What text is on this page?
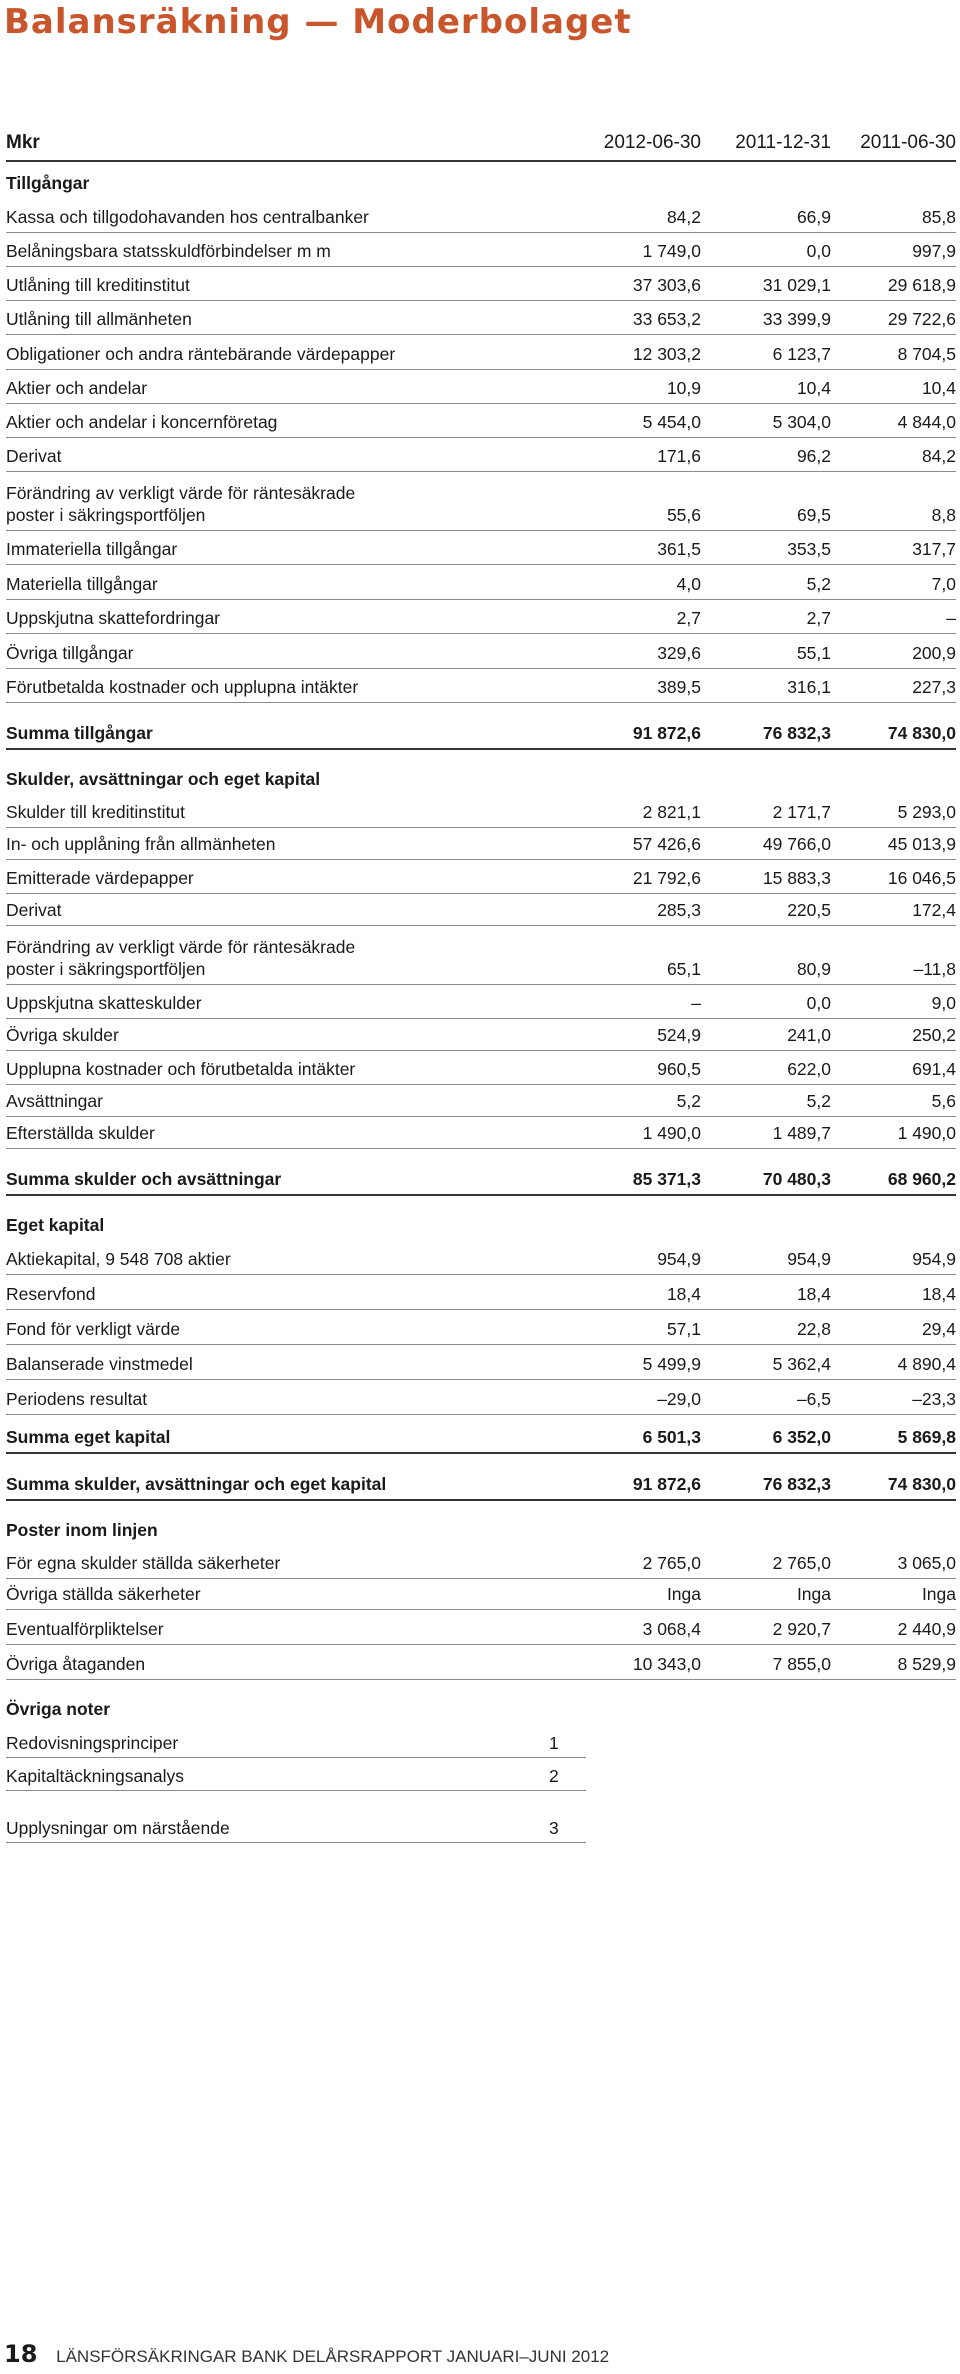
Balansräkning — Moderbolaget
Mkr	2012-06-30	2011-12-31	2011-06-30
Tillgångar
Kassa och tillgodohavanden hos centralbanker	84,2	66,9	85,8
Belåningsbara statsskuldförbindelser m m	1 749,0	0,0	997,9
Utlåning till kreditinstitut	37 303,6	31 029,1	29 618,9
Utlåning till allmänheten	33 653,2	33 399,9	29 722,6
Obligationer och andra räntebärande värdepapper	12 303,2	6 123,7	8 704,5
Aktier och andelar	10,9	10,4	10,4
Aktier och andelar i koncernföretag	5 454,0	5 304,0	4 844,0
Derivat	171,6	96,2	84,2
Förändring av verkligt värde för räntesäkrade
poster i säkringsportföljen	55,6	69,5	8,8
Immateriella tillgångar	361,5	353,5	317,7
Materiella tillgångar	4,0	5,2	7,0
Uppskjutna skattefordringar	2,7	2,7	–
Övriga tillgångar	329,6	55,1	200,9
Förutbetalda kostnader och upplupna intäkter	389,5	316,1	227,3
Summa tillgångar	91 872,6	76 832,3	74 830,0
Skulder, avsättningar och eget kapital
Skulder till kreditinstitut	2 821,1	2 171,7	5 293,0
In- och upplåning från allmänheten	57 426,6	49 766,0	45 013,9
Emitterade värdepapper	21 792,6	15 883,3	16 046,5
Derivat	285,3	220,5	172,4
Förändring av verkligt värde för räntesäkrade
poster i säkringsportföljen	65,1	80,9	–11,8
Uppskjutna skatteskulder	–	0,0	9,0
Övriga skulder	524,9	241,0	250,2
Upplupna kostnader och förutbetalda intäkter	960,5	622,0	691,4
Avsättningar	5,2	5,2	5,6
Efterställda skulder	1 490,0	1 489,7	1 490,0
Summa skulder och avsättningar	85 371,3	70 480,3	68 960,2
Eget kapital
Aktiekapital, 9 548 708 aktier	954,9	954,9	954,9
Reservfond	18,4	18,4	18,4
Fond för verkligt värde	57,1	22,8	29,4
Balanserade vinstmedel	5 499,9	5 362,4	4 890,4
Periodens resultat	–29,0	–6,5	–23,3
Summa eget kapital	6 501,3	6 352,0	5 869,8
Summa skulder, avsättningar och eget kapital	91 872,6	76 832,3	74 830,0
Poster inom linjen
För egna skulder ställda säkerheter	2 765,0	2 765,0	3 065,0
Övriga ställda säkerheter	Inga	Inga	Inga
Eventualförpliktelser	3 068,4	2 920,7	2 440,9
Övriga åtaganden	10 343,0	7 855,0	8 529,9
Övriga noter
Redovisningsprinciper	1
Kapitaltäckningsanalys	2
Upplysningar om närstående	3
18 LÄNSFÖRSÄKRINGAR BANK DELÅRSRAPPORT JANUARI–JUNI 2012
